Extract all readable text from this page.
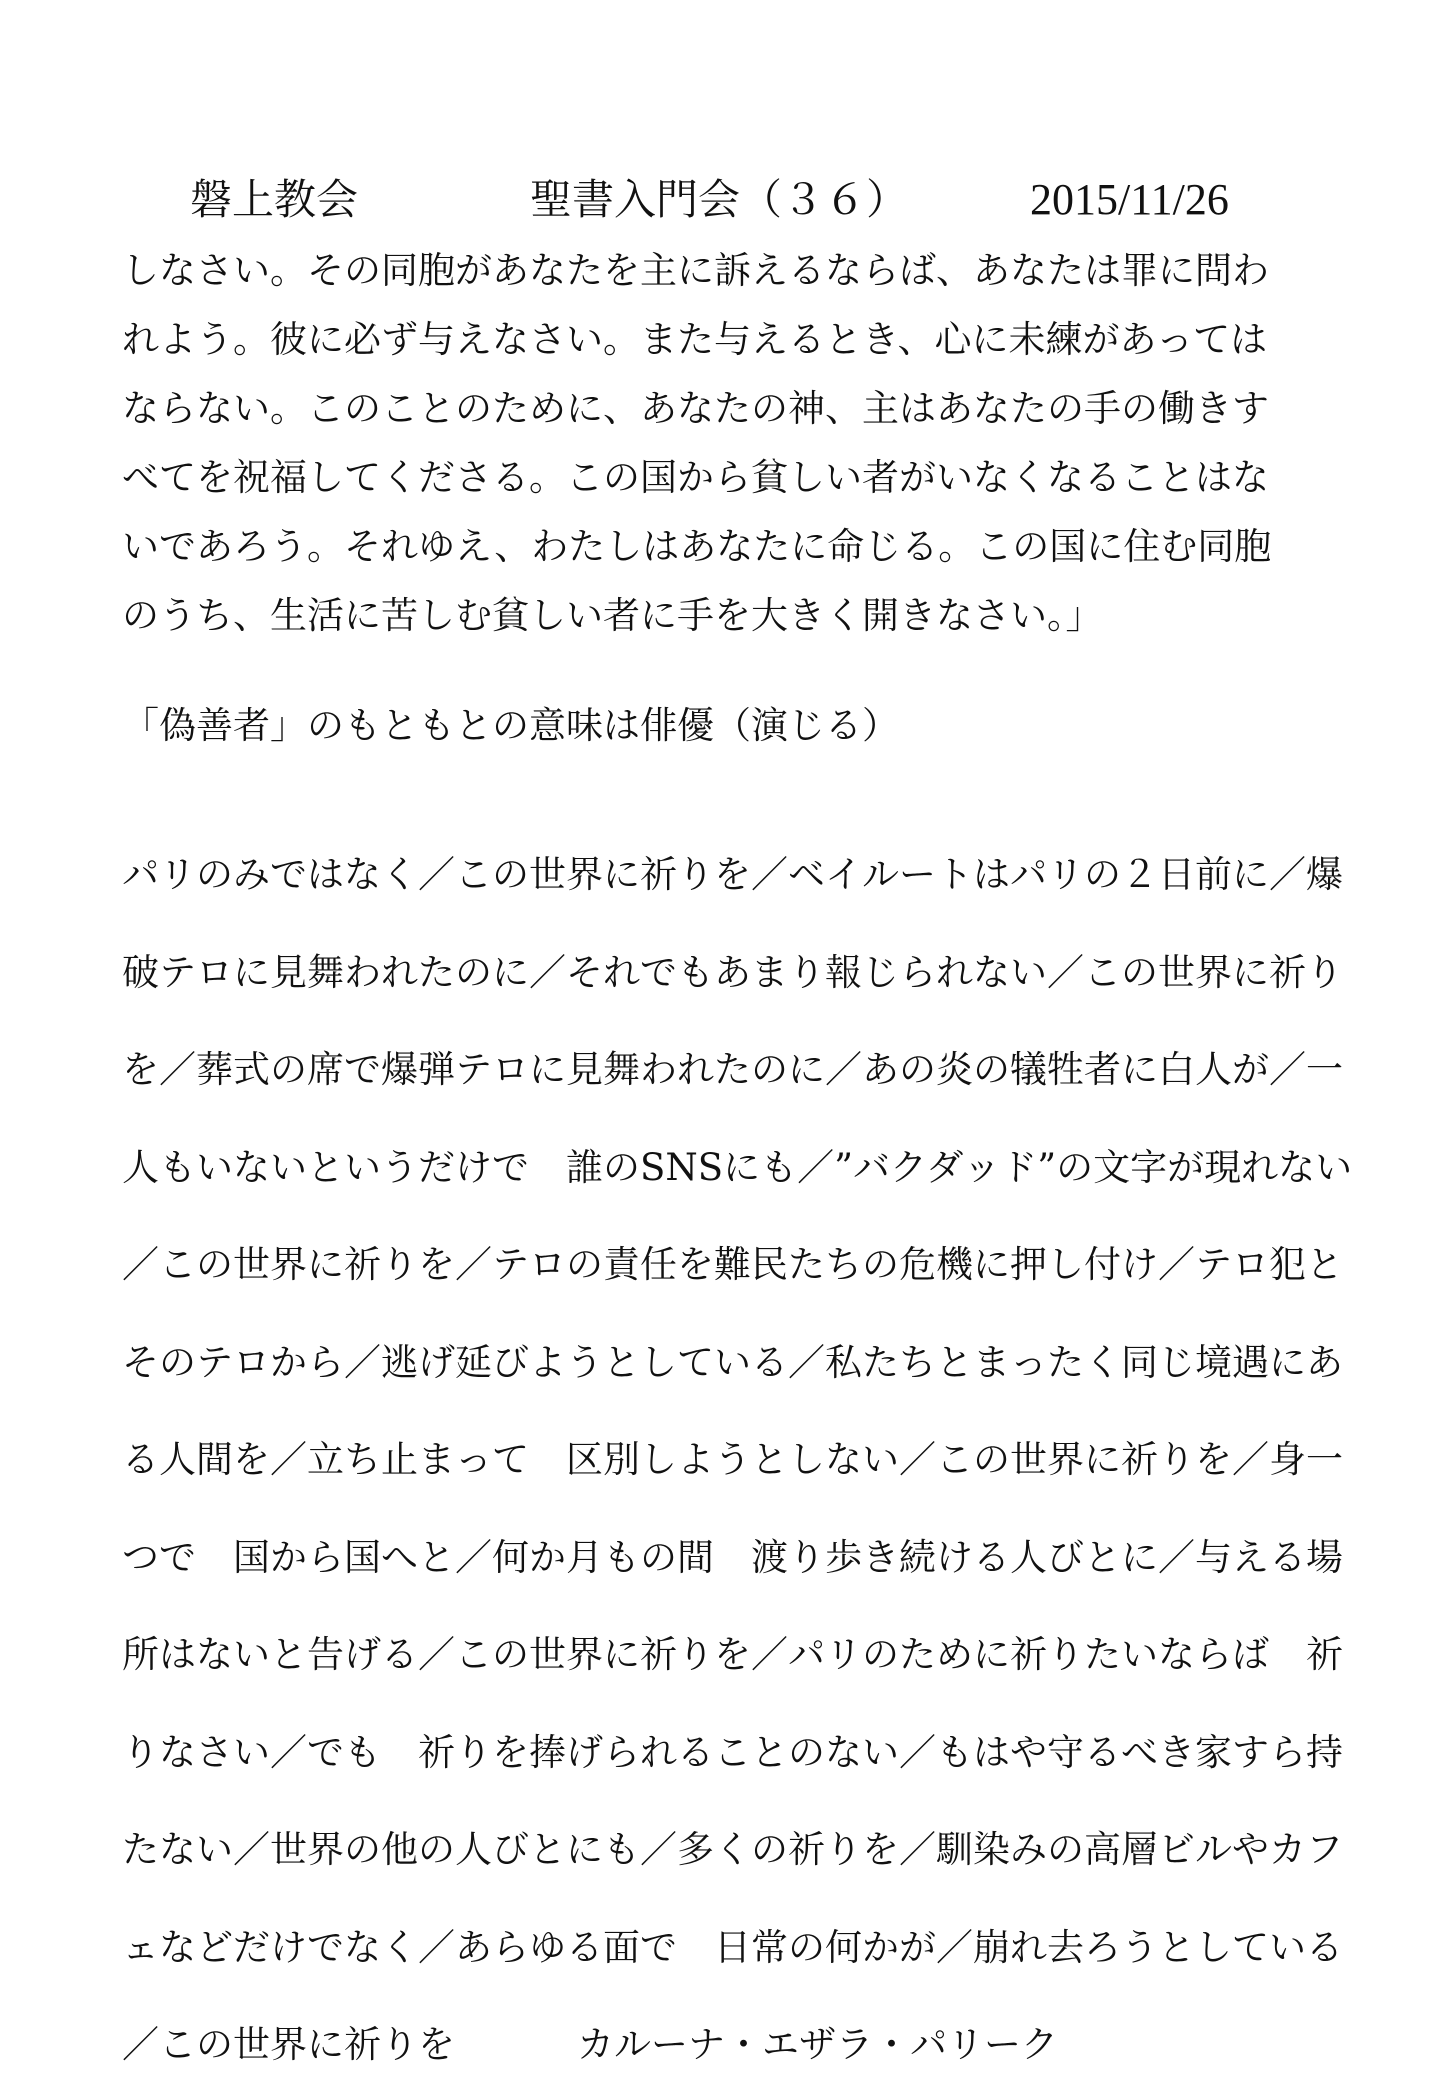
磐上教会	聖書入門会（３６）	2015/11/26
しなさい。その同胞があなたを主に訴えるならば、あなたは罪に問わ
れよう。彼に必ず与えなさい。また与えるとき、心に未練があっては
ならない。このことのために、あなたの神、主はあなたの手の働きす
べてを祝福してくださる。この国から貧しい者がいなくなることはな
いであろう。それゆえ、わたしはあなたに命じる。この国に住む同胞
のうち、生活に苦しむ貧しい者に手を大きく開きなさい。」
「偽善者」のもともとの意味は俳優（演じる）
パリのみではなく／この世界に祈りを／ベイルートはパリの２日前に／爆
破テロに見舞われたのに／それでもあまり報じられない／この世界に祈り
を／葬式の席で爆弾テロに見舞われたのに／あの炎の犠牲者に白人が／一
人もいないというだけで　誰のSNSにも／”バクダッド”の文字が現れない
／この世界に祈りを／テロの責任を難民たちの危機に押し付け／テロ犯と
そのテロから／逃げ延びようとしている／私たちとまったく同じ境遇にあ
る人間を／立ち止まって　区別しようとしない／この世界に祈りを／身一
つで　国から国へと／何か月もの間　渡り歩き続ける人びとに／与える場
所はないと告げる／この世界に祈りを／パリのために祈りたいならば　祈
りなさい／でも　祈りを捧げられることのない／もはや守るべき家すら持
たない／世界の他の人びとにも／多くの祈りを／馴染みの高層ビルやカフ
ェなどだけでなく／あらゆる面で　日常の何かが／崩れ去ろうとしている
／この世界に祈りを	カルーナ・エザラ・パリーク
